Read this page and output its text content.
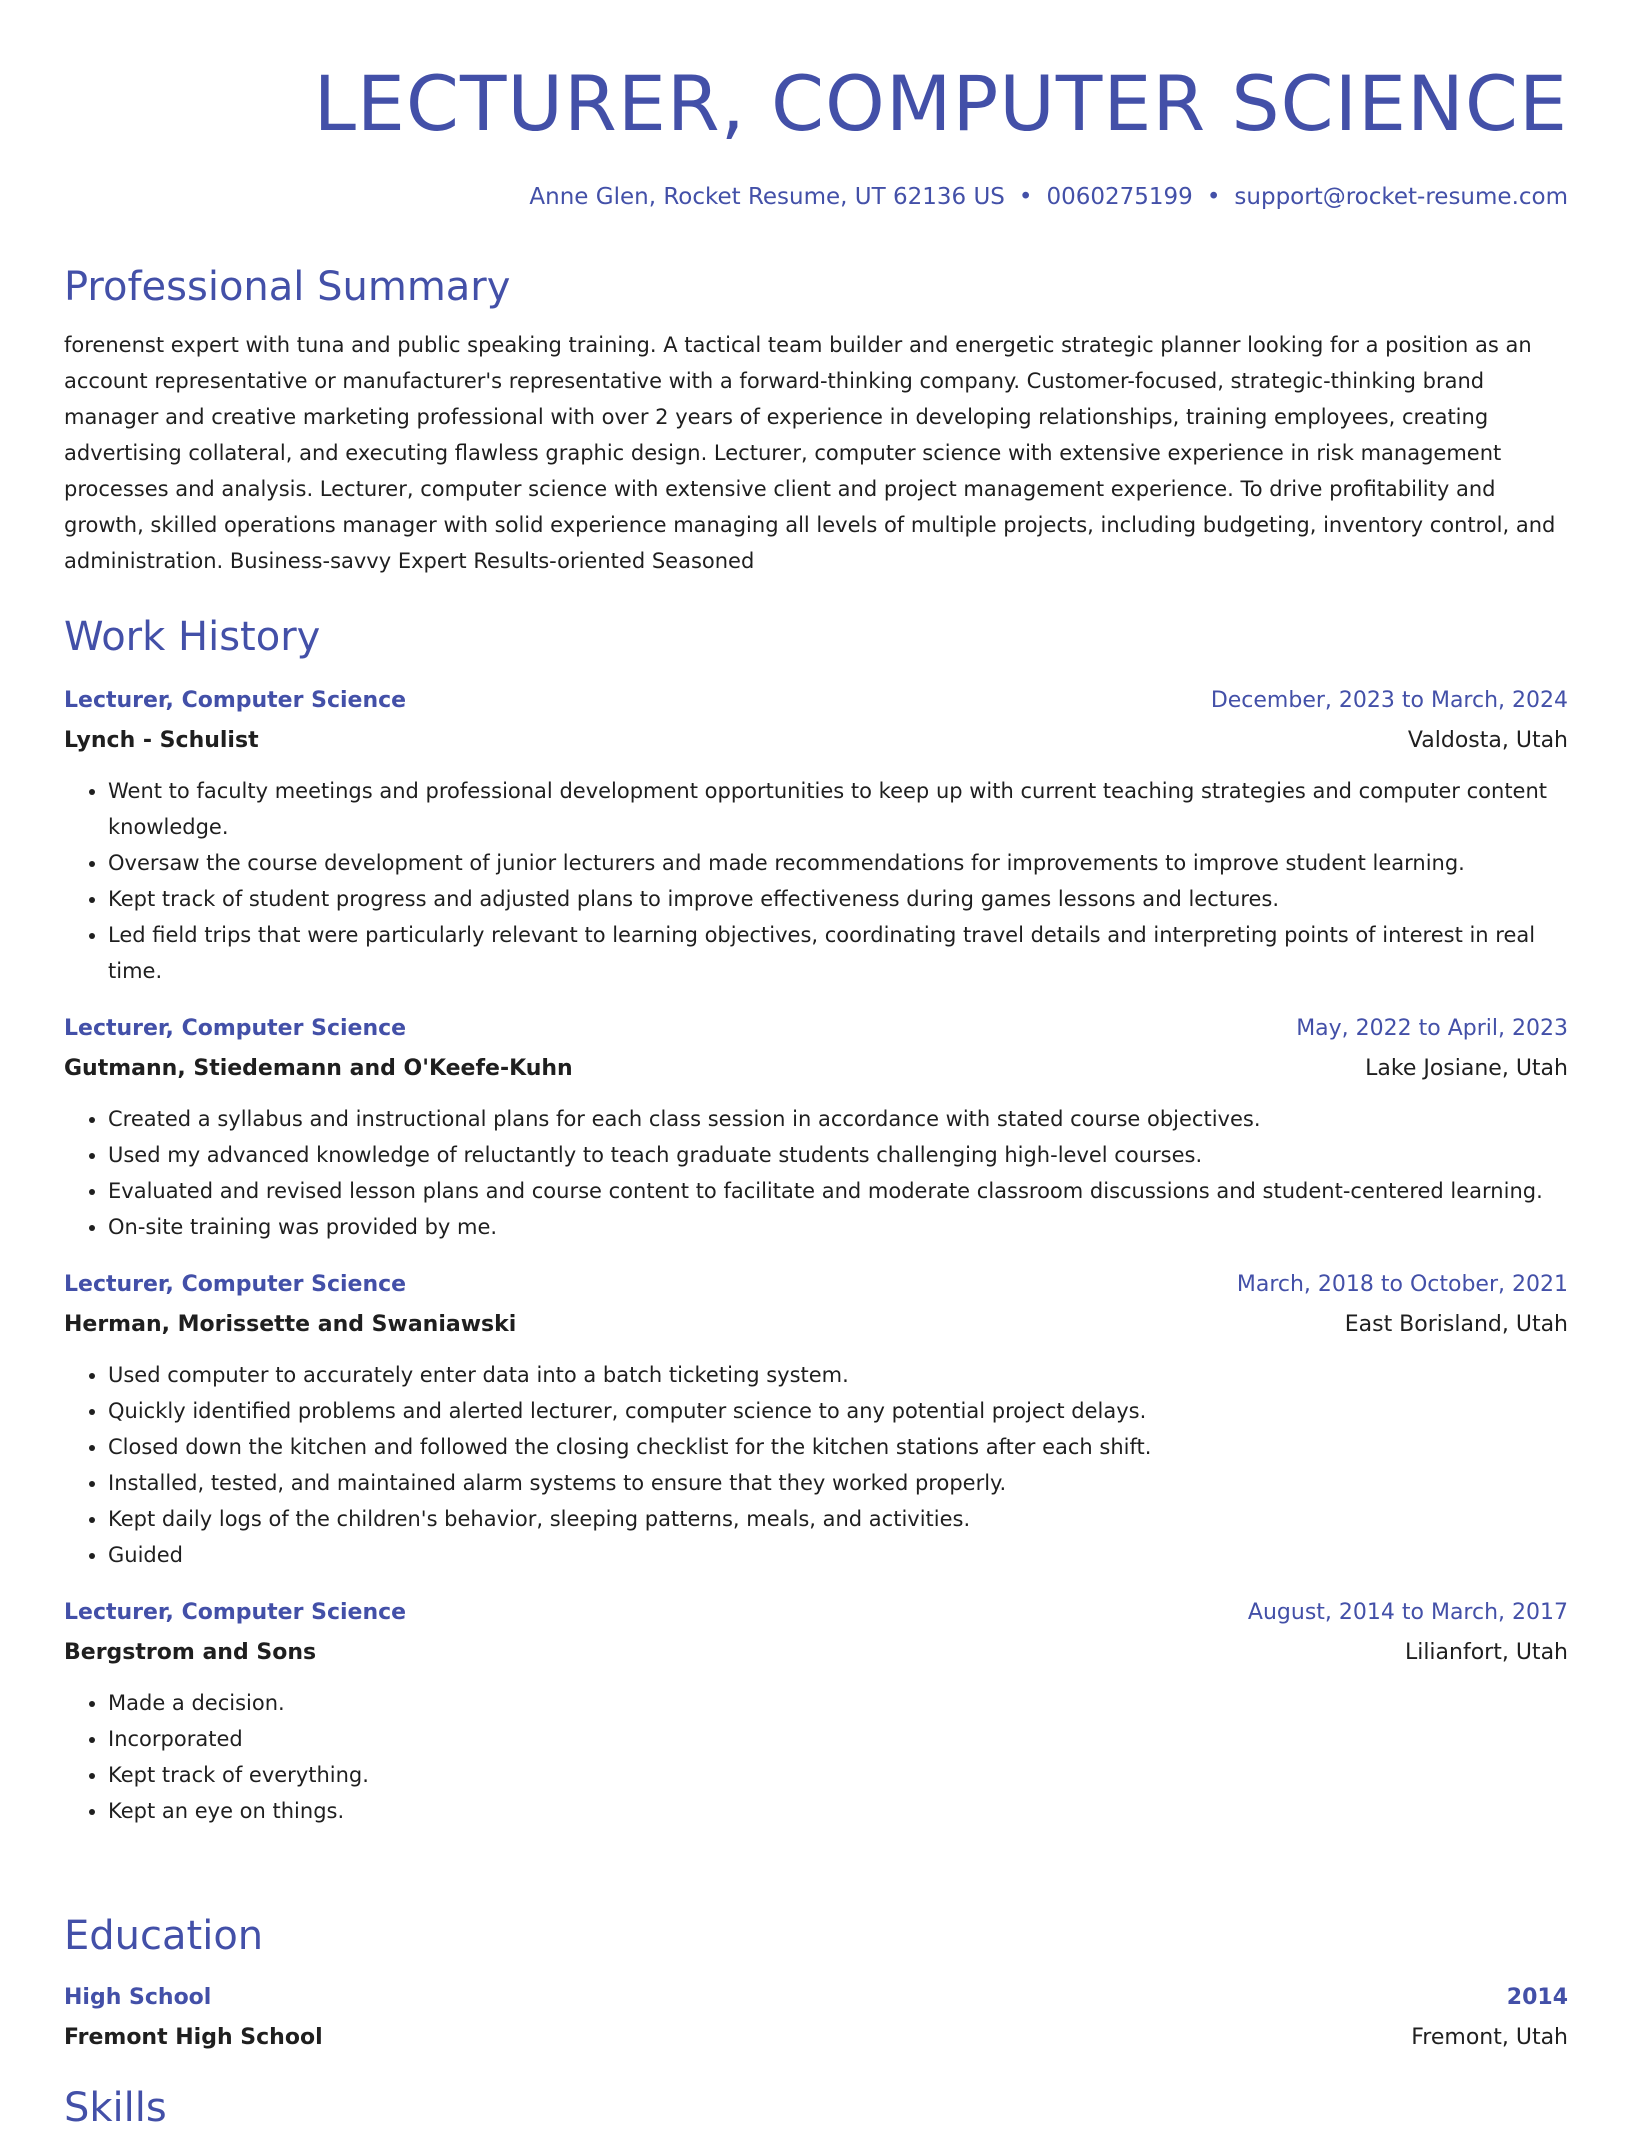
LECTURER, COMPUTER SCIENCE
Anne Glen, Rocket Resume, UT 62136 US • 0060275199 • support@rocket-resume.com
Professional Summary

forenenst expert with tuna and public speaking training. A tactical team builder and energetic strategic planner looking for a position as an account representative or manufacturer's representative with a forward-thinking company. Customer-focused, strategic-thinking brand manager and creative marketing professional with over 2 years of experience in developing relationships, training employees, creating advertising collateral, and executing flawless graphic design. Lecturer, computer science with extensive experience in risk management processes and analysis. Lecturer, computer science with extensive client and project management experience. To drive profitability and growth, skilled operations manager with solid experience managing all levels of multiple projects, including budgeting, inventory control, and administration. Business-savvy Expert Results-oriented Seasoned

Work History
Lecturer, Computer Science	December, 2023 to March, 2024
Lynch - Schulist	Valdosta, Utah
• Went to faculty meetings and professional development opportunities to keep up with current teaching strategies and computer content knowledge.
• Oversaw the course development of junior lecturers and made recommendations for improvements to improve student learning.
• Kept track of student progress and adjusted plans to improve effectiveness during games lessons and lectures.
• Led field trips that were particularly relevant to learning objectives, coordinating travel details and interpreting points of interest in real time.
Lecturer, Computer Science	May, 2022 to April, 2023
Gutmann, Stiedemann and O'Keefe-Kuhn	Lake Josiane, Utah
• Created a syllabus and instructional plans for each class session in accordance with stated course objectives.
• Used my advanced knowledge of reluctantly to teach graduate students challenging high-level courses.
• Evaluated and revised lesson plans and course content to facilitate and moderate classroom discussions and student-centered learning.
• On-site training was provided by me.
Lecturer, Computer Science	March, 2018 to October, 2021
Herman, Morissette and Swaniawski	East Borisland, Utah
• Used computer to accurately enter data into a batch ticketing system.
• Quickly identified problems and alerted lecturer, computer science to any potential project delays.
• Closed down the kitchen and followed the closing checklist for the kitchen stations after each shift.
• Installed, tested, and maintained alarm systems to ensure that they worked properly.
• Kept daily logs of the children's behavior, sleeping patterns, meals, and activities.
• Guided
Lecturer, Computer Science	August, 2014 to March, 2017
Bergstrom and Sons	Lilianfort, Utah
• Made a decision.
• Incorporated
• Kept track of everything.
• Kept an eye on things.
Education
High School	2014
Fremont High School	Fremont, Utah
Skills
